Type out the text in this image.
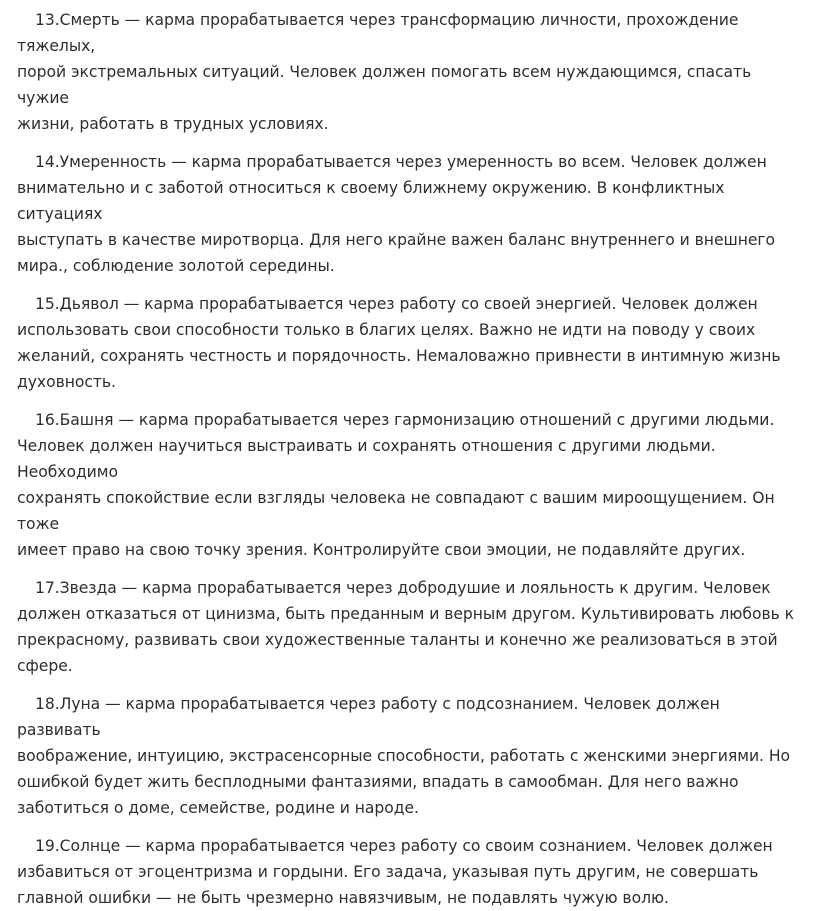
13.Смерть — карма прорабатывается через трансформацию личности, прохождение тяжелых,
порой экстремальных ситуаций. Человек должен помогать всем нуждающимся, спасать чужие
жизни, работать в трудных условиях.

14.Умеренность — карма прорабатывается через умеренность во всем. Человек должен
внимательно и с заботой относиться к своему ближнему окружению. В конфликтных ситуациях
выступать в качестве миротворца. Для него крайне важен баланс внутреннего и внешнего
мира., соблюдение золотой середины.

15.Дьявол — карма прорабатывается через работу со своей энергией. Человек должен
использовать свои способности только в благих целях. Важно не идти на поводу у своих
желаний, сохранять честность и порядочность. Немаловажно привнести в интимную жизнь
духовность.

16.Башня — карма прорабатывается через гармонизацию отношений с другими людьми.
Человек должен научиться выстраивать и сохранять отношения с другими людьми. Необходимо
сохранять спокойствие если взгляды человека не совпадают с вашим мироощущением. Он тоже
имеет право на свою точку зрения. Контролируйте свои эмоции, не подавляйте других.

17.Звезда — карма прорабатывается через добродушие и лояльность к другим. Человек
должен отказаться от цинизма, быть преданным и верным другом. Культивировать любовь к
прекрасному, развивать свои художественные таланты и конечно же реализоваться в этой
сфере.

18.Луна — карма прорабатывается через работу с подсознанием. Человек должен развивать
воображение, интуицию, экстрасенсорные способности, работать с женскими энергиями. Но
ошибкой будет жить бесплодными фантазиями, впадать в самообман. Для него важно
заботиться о доме, семействе, родине и народе.

19.Солнце — карма прорабатывается через работу со своим сознанием. Человек должен
избавиться от эгоцентризма и гордыни. Его задача, указывая путь другим, не совершать
главной ошибки — не быть чрезмерно навязчивым, не подавлять чужую волю.
